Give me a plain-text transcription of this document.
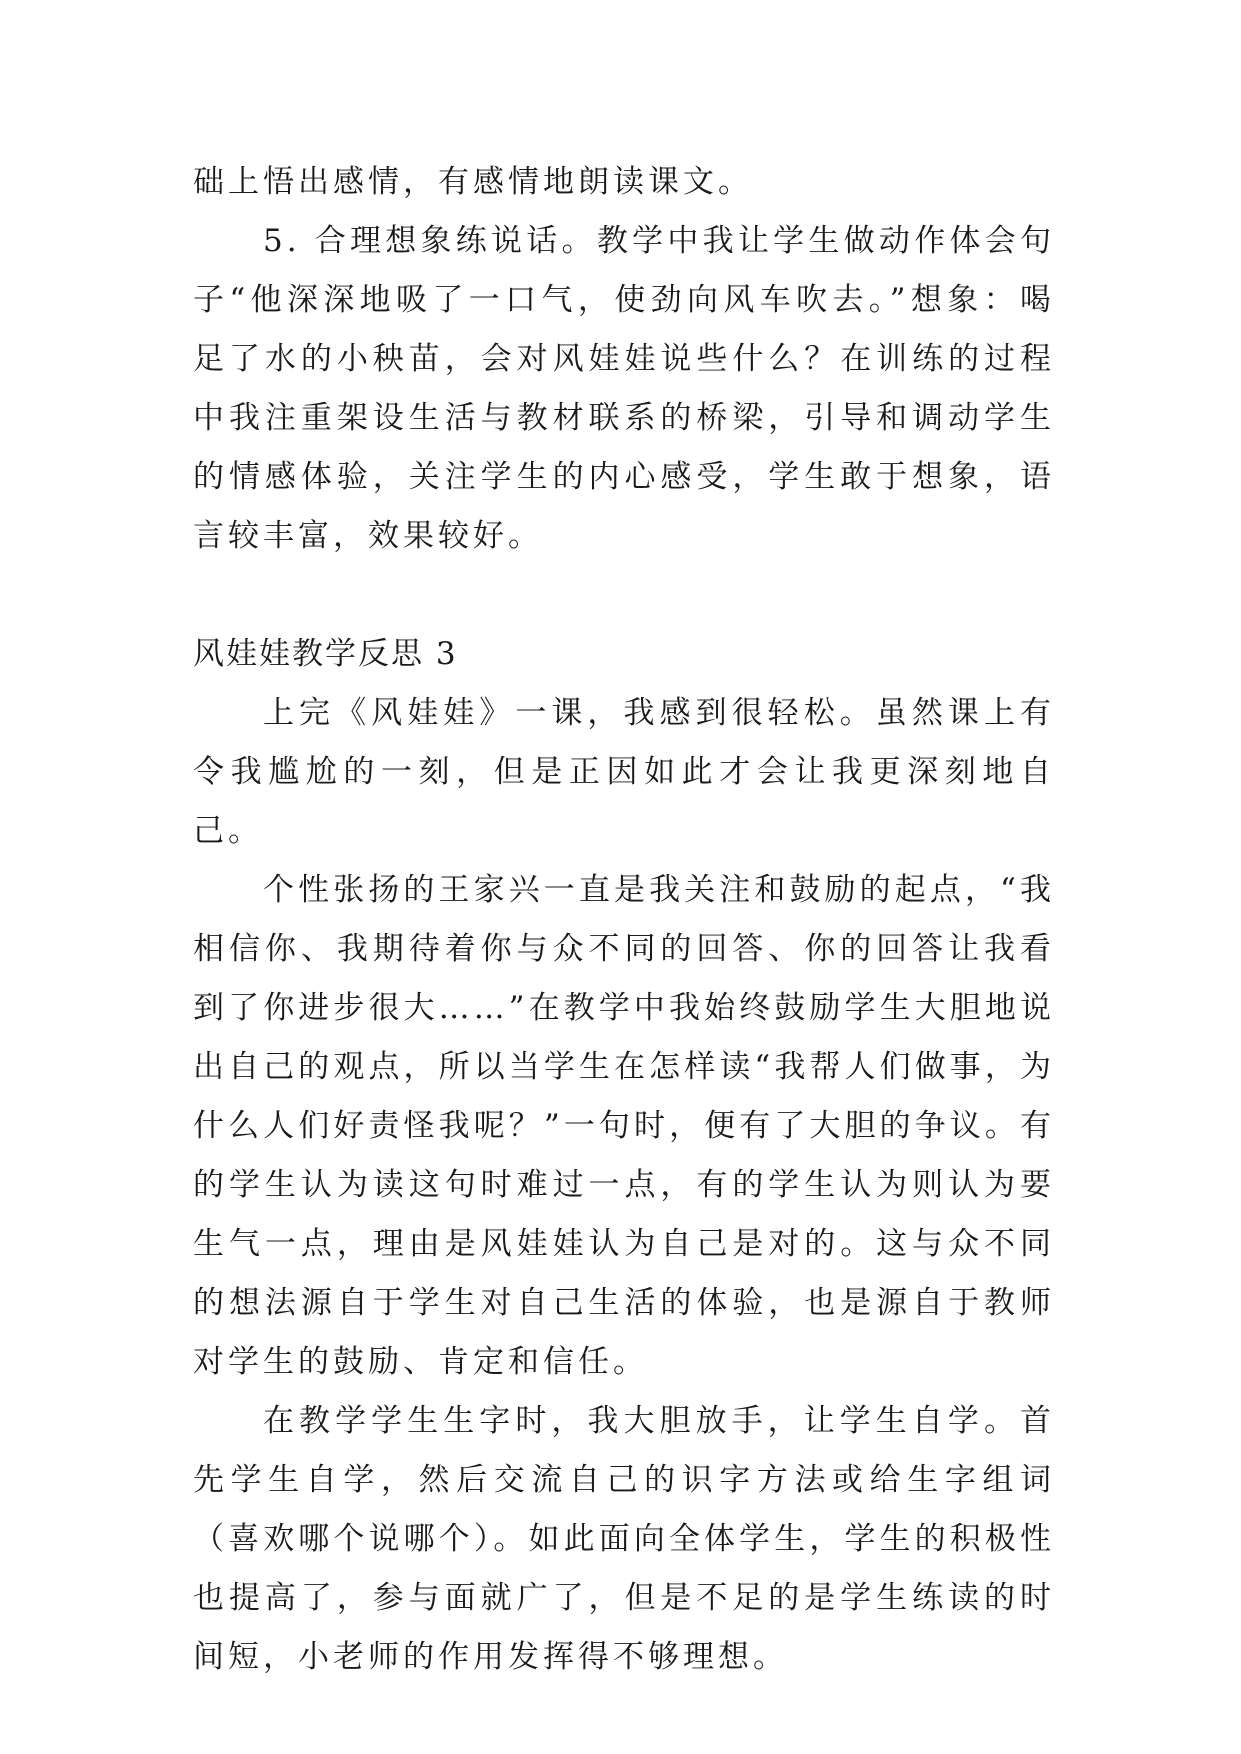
础上悟出感情，有感情地朗读课文。

5. 合理想象练说话。教学中我让学生做动作体会句子“他深深地吸了一口气，使劲向风车吹去。”想象：喝足了水的小秧苗，会对风娃娃说些什么？在训练的过程中我注重架设生活与教材联系的桥梁，引导和调动学生的情感体验，关注学生的内心感受，学生敢于想象，语言较丰富，效果较好。

风娃娃教学反思 3

上完《风娃娃》一课，我感到很轻松。虽然课上有令我尴尬的一刻，但是正因如此才会让我更深刻地自己。

个性张扬的王家兴一直是我关注和鼓励的起点，“我相信你、我期待着你与众不同的回答、你的回答让我看到了你进步很大……”在教学中我始终鼓励学生大胆地说出自己的观点，所以当学生在怎样读“我帮人们做事，为什么人们好责怪我呢？”一句时，便有了大胆的争议。有的学生认为读这句时难过一点，有的学生认为则认为要生气一点，理由是风娃娃认为自己是对的。这与众不同的想法源自于学生对自己生活的体验，也是源自于教师对学生的鼓励、肯定和信任。

在教学学生生字时，我大胆放手，让学生自学。首先学生自学，然后交流自己的识字方法或给生字组词（喜欢哪个说哪个）。如此面向全体学生，学生的积极性也提高了，参与面就广了，但是不足的是学生练读的时间短，小老师的作用发挥得不够理想。
